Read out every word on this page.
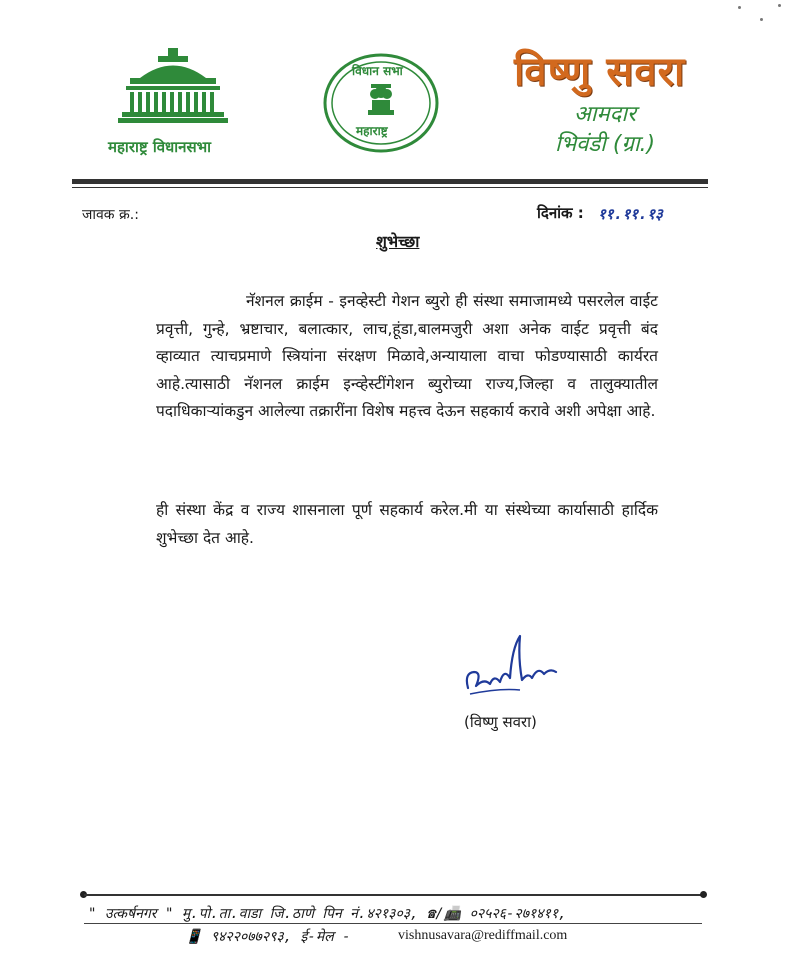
महाराष्ट्र विधानसभा
विधान सभा
महाराष्ट्र
विष्णु सवरा
आमदार
भिवंडी (ग्रा.)
जावक क्र.:	दिनांक : ११.११.१३
शुभेच्छा
नॅशनल क्राईम - इनव्हेस्टी गेशन ब्युरो ही संस्था समाजामध्ये पसरलेल वाईट प्रवृत्ती, गुन्हे, भ्रष्टाचार, बलात्कार, लाच,हूंडा,बालमजुरी अशा अनेक वाईट प्रवृत्ती बंद व्हाव्यात त्याचप्रमाणे स्त्रियांना संरक्षण मिळावे,अन्यायाला वाचा फोडण्यासाठी कार्यरत आहे.त्यासाठी नॅशनल क्राईम इन्व्हेस्टींगेशन ब्युरोच्या राज्य,जिल्हा व तालुक्यातील पदाधिकाऱ्यांकडुन आलेल्या तक्रारींना विशेष महत्त्व देऊन सहकार्य करावे अशी अपेक्षा आहे.
ही संस्था केंद्र व राज्य शासनाला पूर्ण सहकार्य करेल.मी या संस्थेच्या कार्यासाठी हार्दिक शुभेच्छा देत आहे.
(विष्णु सवरा)
" उत्कर्षनगर " मु.पो.ता.वाडा जि.ठाणे पिन नं.४२१३०३, ☎/📠 ०२५२६-२७१४११,
📱 ९४२२०७७२९३, ई-मेल -	vishnusavara@rediffmail.com
